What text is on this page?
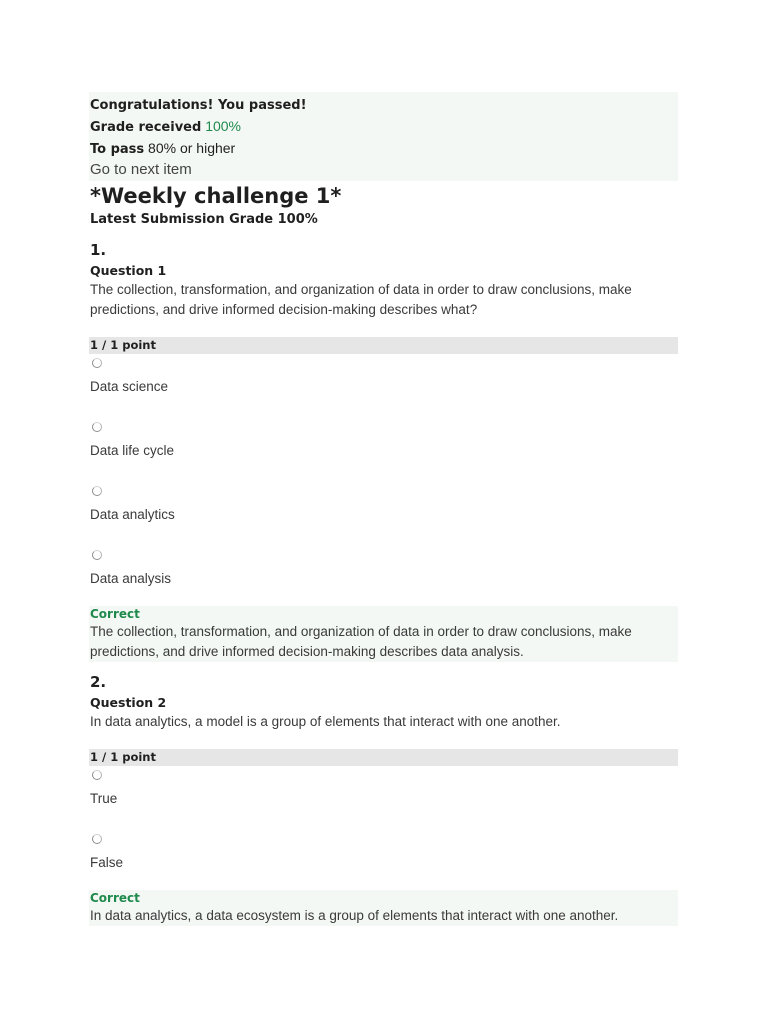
Congratulations! You passed!
Grade received 100%
To pass 80% or higher
Go to next item
*Weekly challenge 1*
Latest Submission Grade 100%
1.
Question 1
The collection, transformation, and organization of data in order to draw conclusions, make predictions, and drive informed decision-making describes what?
1 / 1 point
Data science
Data life cycle
Data analytics
Data analysis
Correct
The collection, transformation, and organization of data in order to draw conclusions, make predictions, and drive informed decision-making describes data analysis.
2.
Question 2
In data analytics, a model is a group of elements that interact with one another.
1 / 1 point
True
False
Correct
In data analytics, a data ecosystem is a group of elements that interact with one another.
